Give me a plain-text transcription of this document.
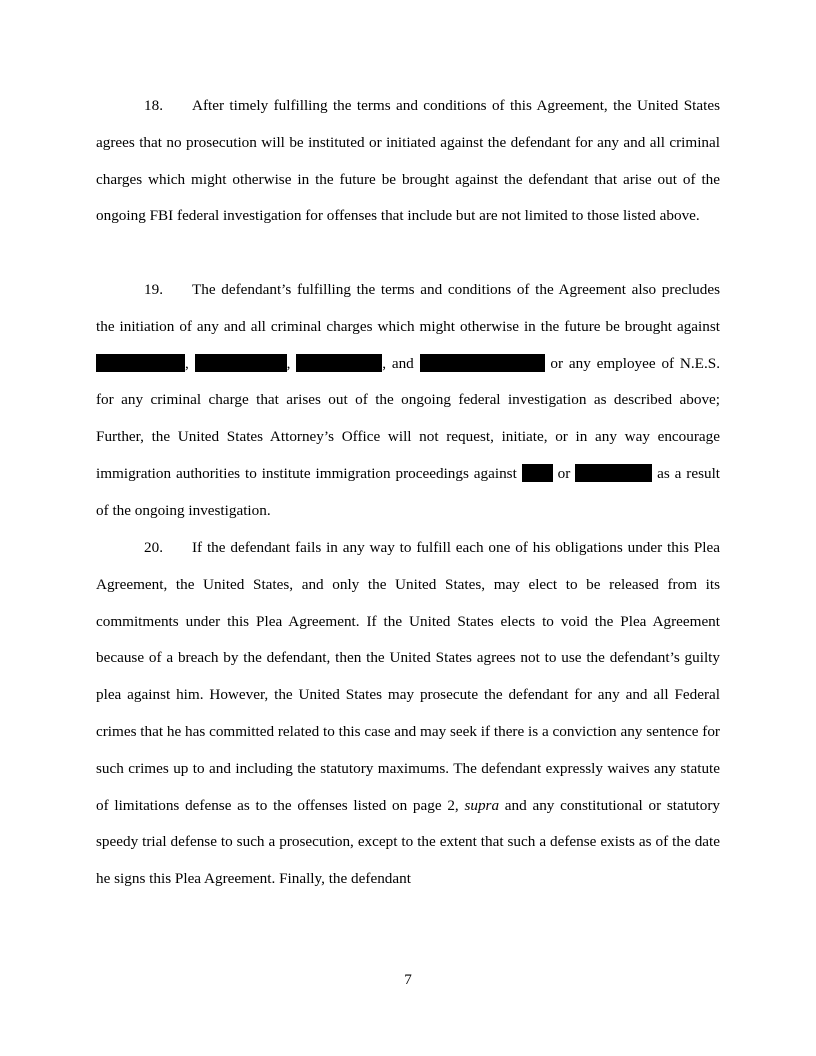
18. After timely fulfilling the terms and conditions of this Agreement, the United States agrees that no prosecution will be instituted or initiated against the defendant for any and all criminal charges which might otherwise in the future be brought against the defendant that arise out of the ongoing FBI federal investigation for offenses that include but are not limited to those listed above.

19. The defendant’s fulfilling the terms and conditions of the Agreement also precludes the initiation of any and all criminal charges which might otherwise in the future be brought against ,	,	, and	or any employee of N.E.S. for any criminal charge that arises out of the ongoing federal investigation as described above; Further, the United States Attorney’s Office will not request, initiate, or in any way encourage immigration authorities to institute immigration proceedings against	or	as a result of the ongoing investigation.

20. If the defendant fails in any way to fulfill each one of his obligations under this Plea Agreement, the United States, and only the United States, may elect to be released from its commitments under this Plea Agreement. If the United States elects to void the Plea Agreement because of a breach by the defendant, then the United States agrees not to use the defendant’s guilty plea against him. However, the United States may prosecute the defendant for any and all Federal crimes that he has committed related to this case and may seek if there is a conviction any sentence for such crimes up to and including the statutory maximums. The defendant expressly waives any statute of limitations defense as to the offenses listed on page 2, supra and any constitutional or statutory speedy trial defense to such a prosecution, except to the extent that such a defense exists as of the date he signs this Plea Agreement. Finally, the defendant

7
